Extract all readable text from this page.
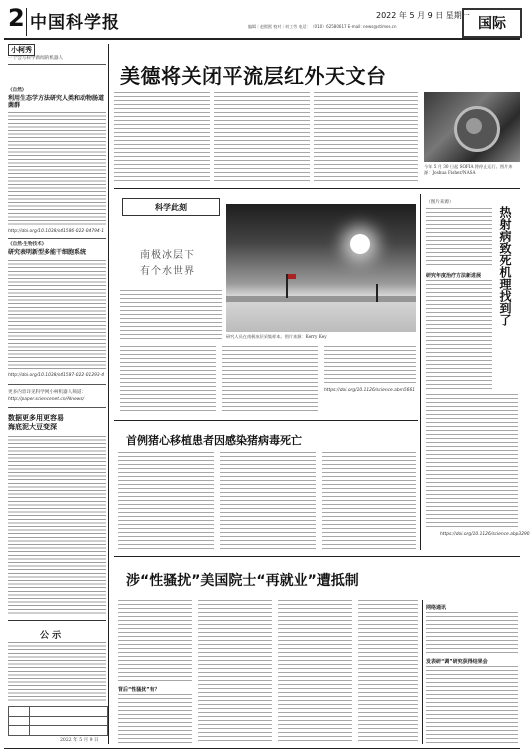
2 中国科学报	2022 年 5 月 9 日 星期一
编辑｜赵熙熙 校对｜何工劳 电话：（010）62580617 E-mail: news@stimes.cn	国际
小柯秀
一个会写科学新闻的机器人
《自然》
利用生态学方法研究人类和动物肠道菌群
http://doi.org/10.1038/s41586-022-04794-1
《自然·生物技术》
研究表明新型多能干细胞系统
http://doi.org/10.1038/s41587-022-01293-4
更多内容详见科学网小柯机器人频道：
http://paper.sciencenet.cn/AInews/
数据更多用更容易
海底泥大豆变深
公 示
2022 年 5 月 9 日
美德将关闭平流层红外天文台
今年 5 月 30 日起 SOFIA 将停止运行。图片来源：Joshua Fisher/NASA
科学此刻
南极冰层下
有个水世界
研究人员在南极冰层采集样本。图片来源：Kerry Key
https://doi.org/10.1126/science.abm5661
（图片来源）
热射病致死机理找到了
研究年度治疗方法新进展
https://doi.org/10.1126/science.abp3290
首例猪心移植患者因感染猪病毒死亡
涉“性骚扰”美国院士“再就业”遭抵制
背后“性骚扰”有？
网络通讯
发表研“调”研究获得结果会
